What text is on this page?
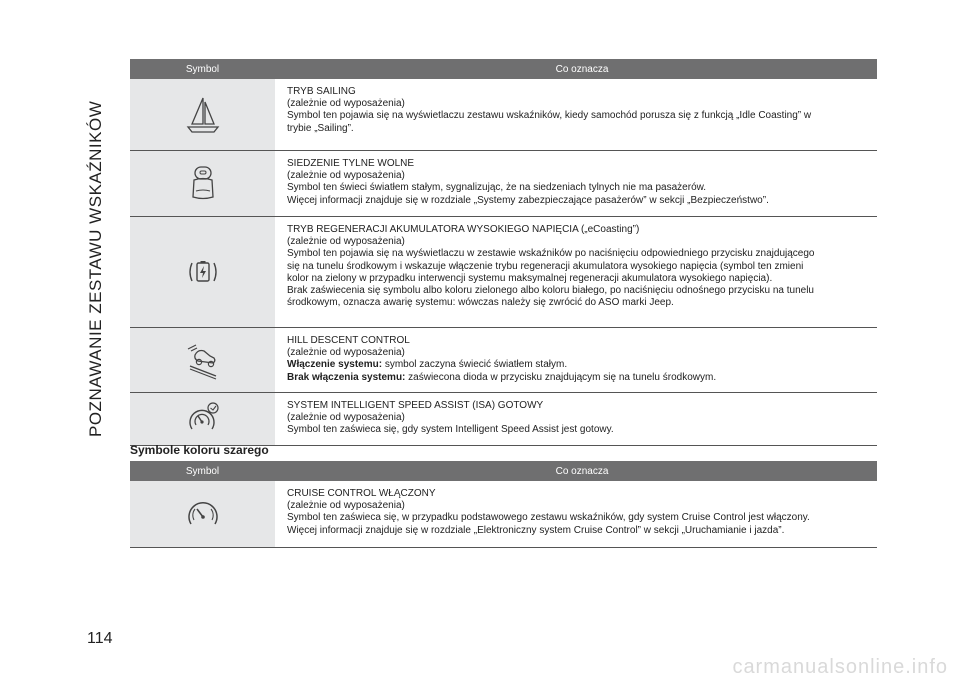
POZNAWANIE ZESTAWU WSKAŹNIKÓW
Symbol	Co oznacza
TRYB SAILING
(zależnie od wyposażenia)
Symbol ten pojawia się na wyświetlaczu zestawu wskaźników, kiedy samochód porusza się z funkcją „Idle Coasting” w
trybie „Sailing”.
SIEDZENIE TYLNE WOLNE
(zależnie od wyposażenia)
Symbol ten świeci światłem stałym, sygnalizując, że na siedzeniach tylnych nie ma pasażerów.
Więcej informacji znajduje się w rozdziale „Systemy zabezpieczające pasażerów” w sekcji „Bezpieczeństwo”.
TRYB REGENERACJI AKUMULATORA WYSOKIEGO NAPIĘCIA („eCoasting”)
(zależnie od wyposażenia)
Symbol ten pojawia się na wyświetlaczu w zestawie wskaźników po naciśnięciu odpowiedniego przycisku znajdującego
się na tunelu środkowym i wskazuje włączenie trybu regeneracji akumulatora wysokiego napięcia (symbol ten zmieni
kolor na zielony w przypadku interwencji systemu maksymalnej regeneracji akumulatora wysokiego napięcia).
Brak zaświecenia się symbolu albo koloru zielonego albo koloru białego, po naciśnięciu odnośnego przycisku na tunelu
środkowym, oznacza awarię systemu: wówczas należy się zwrócić do ASO marki Jeep.
HILL DESCENT CONTROL
(zależnie od wyposażenia)
Włączenie systemu: symbol zaczyna świecić światłem stałym.
Brak włączenia systemu: zaświecona dioda w przycisku znajdującym się na tunelu środkowym.
SYSTEM INTELLIGENT SPEED ASSIST (ISA) GOTOWY
(zależnie od wyposażenia)
Symbol ten zaświeca się, gdy system Intelligent Speed Assist jest gotowy.
Symbole koloru szarego
Symbol	Co oznacza
CRUISE CONTROL WŁĄCZONY
(zależnie od wyposażenia)
Symbol ten zaświeca się, w przypadku podstawowego zestawu wskaźników, gdy system Cruise Control jest włączony.
Więcej informacji znajduje się w rozdziale „Elektroniczny system Cruise Control” w sekcji „Uruchamianie i jazda”.
114
carmanualsonline.info
